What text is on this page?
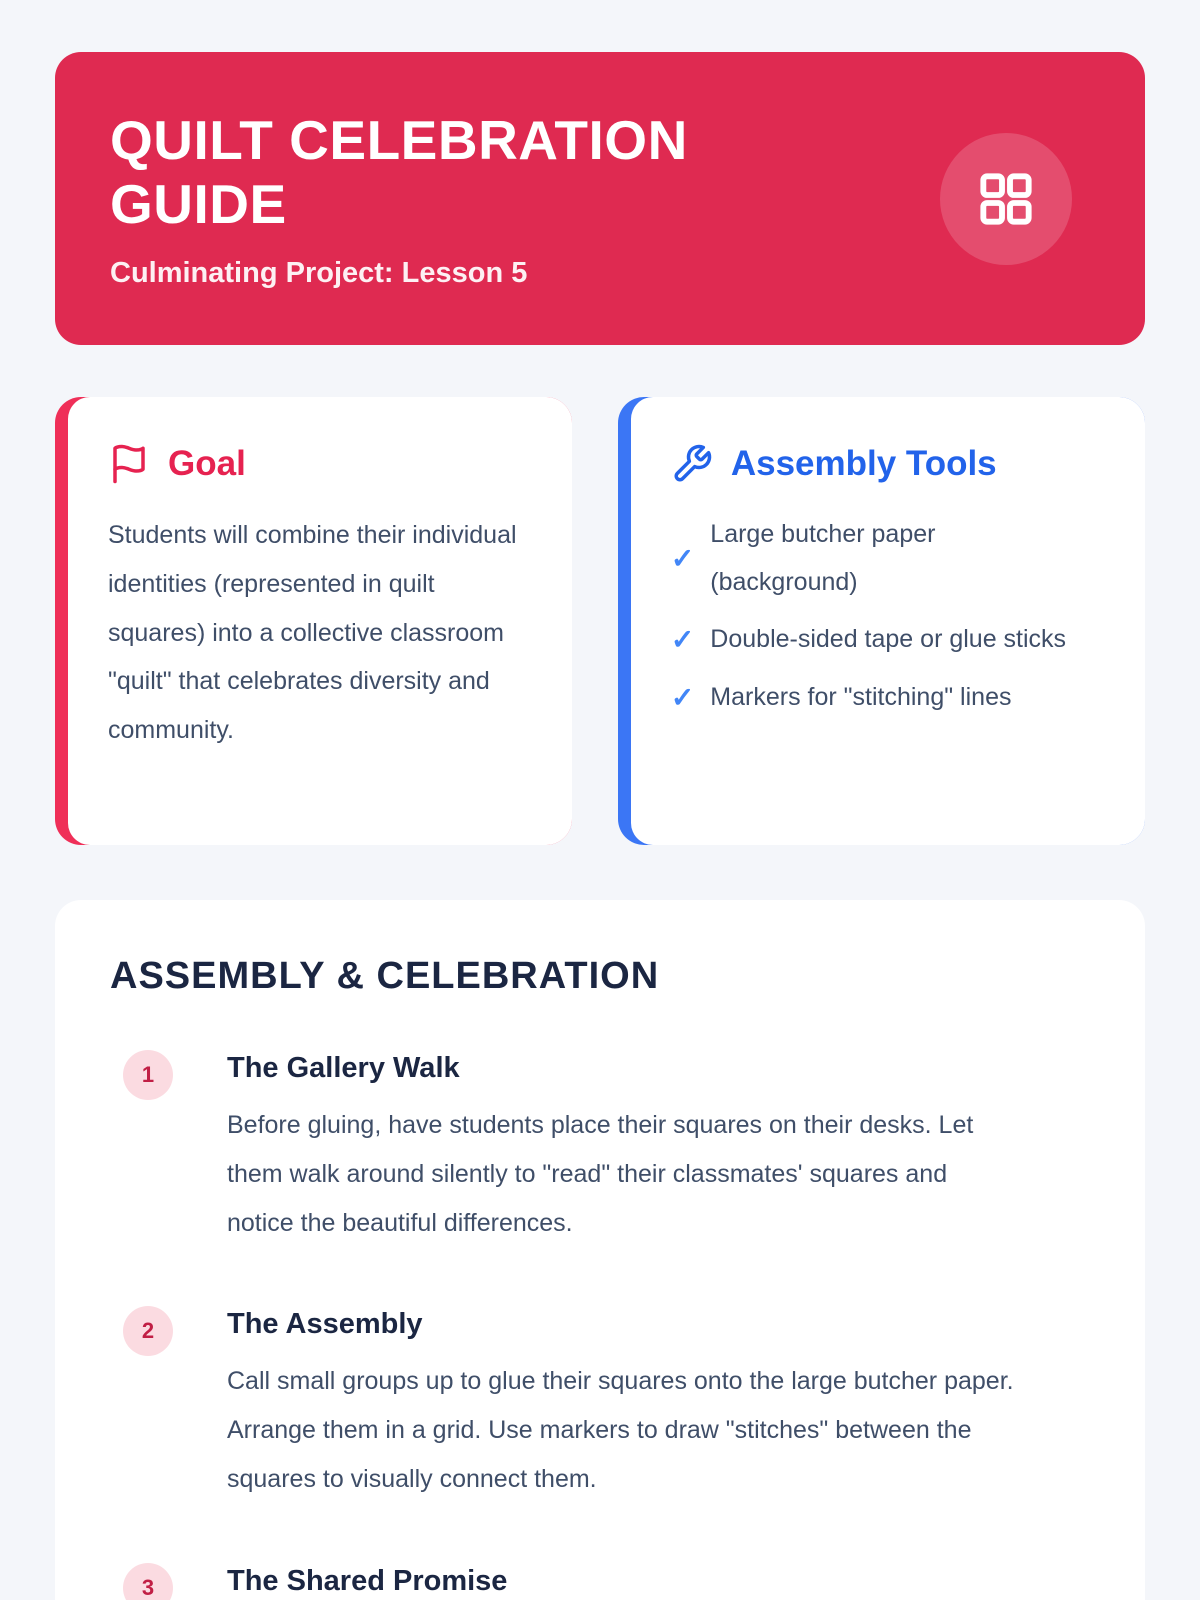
QUILT CELEBRATION GUIDE
Culminating Project: Lesson 5
Goal

Students will combine their individual identities (represented in quilt squares) into a collective classroom "quilt" that celebrates diversity and community.

Assembly Tools
✓
Large butcher paper (background)
✓ Double-sided tape or glue sticks
✓ Markers for "stitching" lines
ASSEMBLY & CELEBRATION
1	The Gallery Walk

Before gluing, have students place their squares on their desks. Let them walk around silently to "read" their classmates' squares and notice the beautiful differences.

2	The Assembly

Call small groups up to glue their squares onto the large butcher paper. Arrange them in a grid. Use markers to draw "stitches" between the squares to visually connect them.

3	The Shared Promise
